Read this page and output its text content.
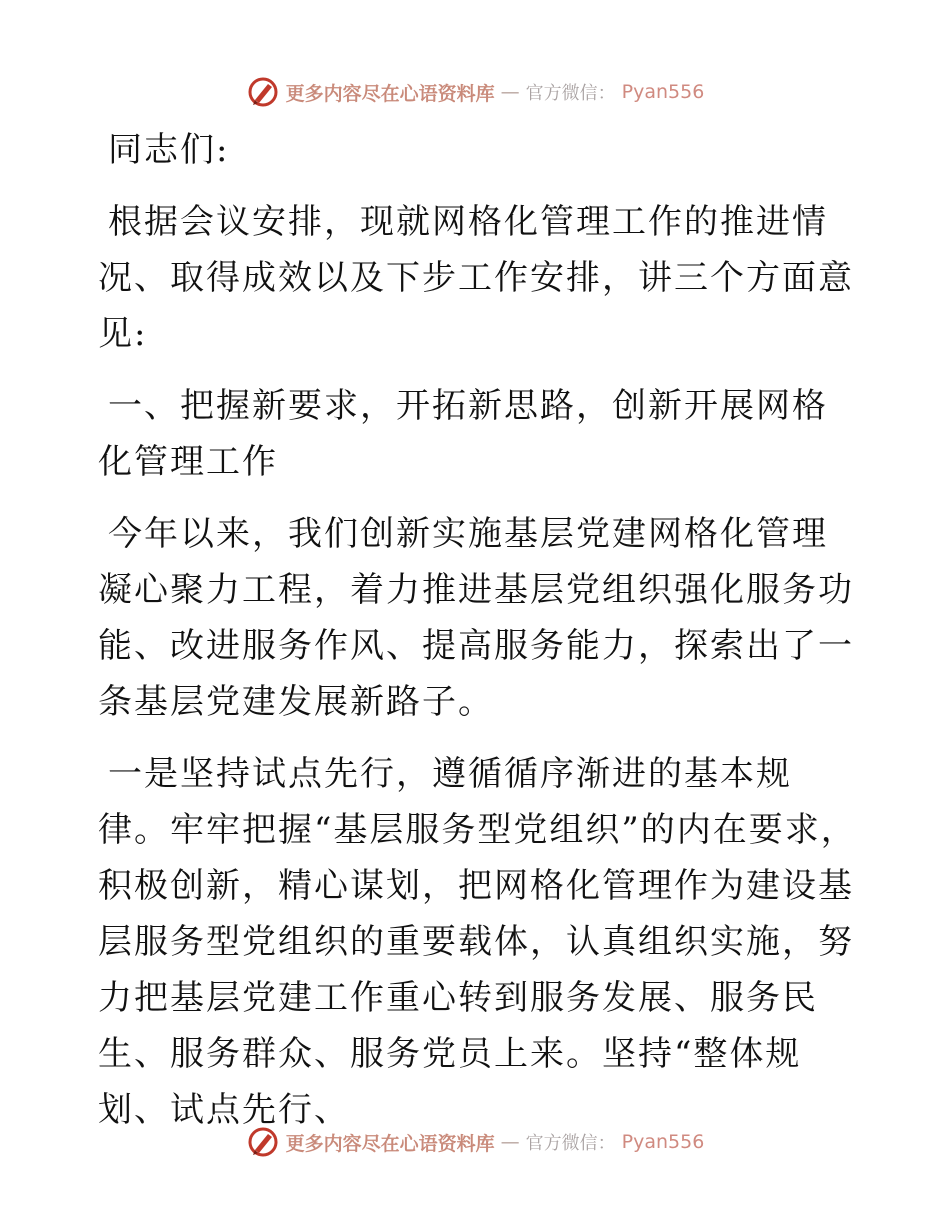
更多内容尽在心语资料库 — 官方微信： Pyan556

同志们:

根据会议安排，现就网格化管理工作的推进情况、取得成效以及下步工作安排，讲三个方面意见:

一、把握新要求，开拓新思路，创新开展网格化管理工作

今年以来，我们创新实施基层党建网格化管理凝心聚力工程，着力推进基层党组织强化服务功能、改进服务作风、提高服务能力，探索出了一条基层党建发展新路子。

一是坚持试点先行，遵循循序渐进的基本规律。牢牢把握“基层服务型党组织”的内在要求，积极创新，精心谋划，把网格化管理作为建设基层服务型党组织的重要载体，认真组织实施，努力把基层党建工作重心转到服务发展、服务民生、服务群众、服务党员上来。坚持“整体规划、试点先行、

更多内容尽在心语资料库 — 官方微信： Pyan556
